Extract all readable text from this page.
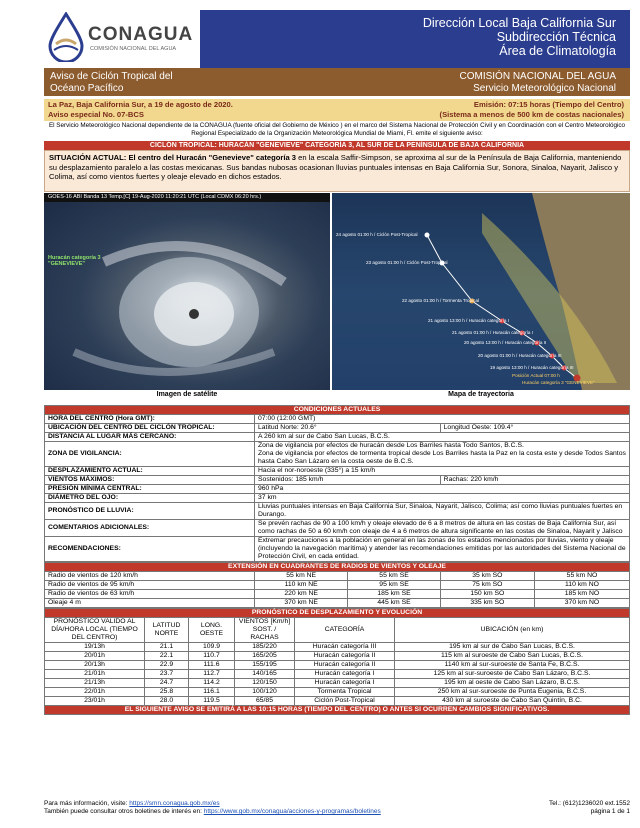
CONAGUA
COMISIÓN NACIONAL DEL AGUA
Dirección Local Baja California Sur
Subdirección Técnica
Área de Climatología
Aviso de Ciclón Tropical del
Océano Pacífico
COMISIÓN NACIONAL DEL AGUA
Servicio Meteorológico Nacional
La Paz, Baja California Sur, a 19 de agosto de 2020.
Aviso especial No. 07-BCS
Emisión: 07:15 horas (Tiempo del Centro)
(Sistema a menos de 500 km de costas nacionales)
El Servicio Meteorológico Nacional dependiente de la CONAGUA (fuente oficial del Gobierno de México ) en el marco del Sistema Nacional de Protección Civil y en Coordinación con el Centro Meteorológico Regional Especializado de la Organización Meteorológica Mundial de Miami, Fl. emite el siguiente aviso:
CICLÓN TROPICAL: HURACÁN "GENEVIEVE" CATEGORÍA 3, AL SUR DE LA PENÍNSULA DE BAJA CALIFORNIA
SITUACIÓN ACTUAL: El centro del Huracán "Genevieve" categoría 3 en la escala Saffir-Simpson, se aproxima al sur de la Península de Baja California, manteniendo su desplazamiento paralelo a las costas mexicanas. Sus bandas nubosas ocasionan lluvias puntuales intensas en Baja California Sur, Sonora, Sinaloa, Nayarit, Jalisco y Colima, así como vientos fuertes y oleaje elevado en dichos estados.
GOES-16 ABI Banda 13 Temp.[C] 19-Aug-2020 11:20:21 UTC (Local CDMX 06:20 hrs.)
Huracán categoría 3 "GENEVIEVE"
24 agosto 01:00 h / Ciclón Post-Tropical
23 agosto 01:00 h / Ciclón Post-Tropical
22 agosto 01:00 h / Tormenta Tropical
21 agosto 13:00 h / Huracán categoría I
21 agosto 01:00 h / Huracán categoría I
20 agosto 13:00 h / Huracán categoría II
20 agosto 01:00 h / Huracán categoría III
19 agosto 13:00 h / Huracán categoría III
Posición Actual 07:00 h
Huracán categoría 3 "GENEVIEVE"
Imagen de satélite	Mapa de trayectoria
CONDICIONES ACTUALES		
HORA DEL CENTRO (Hora GMT):	07:00 (12:00 GMT)	
UBICACIÓN DEL CENTRO DEL CICLÓN TROPICAL:	Latitud Norte: 20.6°	Longitud Oeste: 109.4°
DISTANCIA AL LUGAR MÁS CERCANO:	A 260 km al sur de Cabo San Lucas, B.C.S.	
ZONA DE VIGILANCIA:	Zona de vigilancia por efectos de huracán desde Los Barriles hasta Todo Santos, B.C.S.
Zona de vigilancia por efectos de tormenta tropical desde Los Barriles hasta la Paz en la costa este y desde Todos Santos hasta Cabo San Lázaro en la costa oeste de B.C.S.	

DESPLAZAMIENTO ACTUAL:	Hacia el nor-noroeste (335°) a 15 km/h	
VIENTOS MÁXIMOS:	Sostenidos: 185 km/h	Rachas: 220 km/h
PRESIÓN MÍNIMA CENTRAL:	960 hPa	
DIÁMETRO DEL OJO:	37 km	
PRONÓSTICO DE LLUVIA:	Lluvias puntuales intensas en Baja California Sur, Sinaloa, Nayarit, Jalisco, Colima; así como lluvias puntuales fuertes en Durango.	
COMENTARIOS ADICIONALES:	Se prevén rachas de 90 a 100 km/h y oleaje elevado de 6 a 8 metros de altura en las costas de Baja California Sur, así como rachas de 50 a 60 km/h con oleaje de 4 a 6 metros de altura significante en las costas de Sinaloa, Nayarit y Jalisco	
RECOMENDACIONES:	Extremar precauciones a la población en general en las zonas de los estados mencionados por lluvias, viento y oleaje (incluyendo la navegación marítima) y atender las recomendaciones emitidas por las autoridades del Sistema Nacional de Protección Civil, en cada entidad.	
EXTENSIÓN EN CUADRANTES DE RADIOS DE VIENTOS Y OLEAJE				
Radio de vientos de 120 km/h	55 km NE	55 km SE	35 km SO	55 km NO
Radio de vientos de 95 km/h	110 km NE	95 km SE	75 km SO	110 km NO
Radio de vientos de 63 km/h	220 km NE	185 km SE	150 km SO	185 km NO
Oleaje 4 m	370 km NE	445 km SE	335 km SO	370 km NO
PRONÓSTICO DE DESPLAZAMIENTO Y EVOLUCIÓN					
PRONÓSTICO VALIDO AL DÍA/HORA LOCAL (TIEMPO DEL CENTRO)	LATITUD NORTE	LONG. OESTE	VIENTOS [Km/h] SOST. / RACHAS	CATEGORÍA	UBICACIÓN (en km)
19/13h	21.1	109.9	185/220	Huracán categoría III	195 km al sur de Cabo San Lucas, B.C.S.
20/01h	22.1	110.7	165/205	Huracán categoría II	115 km al suroeste de Cabo San Lucas, B.C.S.
20/13h	22.9	111.6	155/195	Huracán categoría II	1140 km al sur-suroeste de Santa Fe, B.C.S.
21/01h	23.7	112.7	140/165	Huracán categoría I	125 km al sur-suroeste de Cabo San Lázaro, B.C.S.
21/13h	24.7	114.2	120/150	Huracán categoría I	195 km al oeste de Cabo San Lázaro, B.C.S.
22/01h	25.8	116.1	100/120	Tormenta Tropical	250 km al sur-suroeste de Punta Eugenia, B.C.S.
23/01h	28.0	119.5	65/85	Ciclón Post-Tropical	430 km al suroeste de Cabo San Quintín, B.C.
EL SIGUIENTE AVISO SE EMITIRÁ A LAS 10:15 HORAS (TIEMPO DEL CENTRO) O ANTES SI OCURREN CAMBIOS SIGNIFICATIVOS.					
Para más información, visite: https://smn.conagua.gob.mx/es
También puede consultar otros boletines de interés en: https://www.gob.mx/conagua/acciones-y-programas/boletines
Tel.: (612)1236020 ext.1552
página 1 de 1
